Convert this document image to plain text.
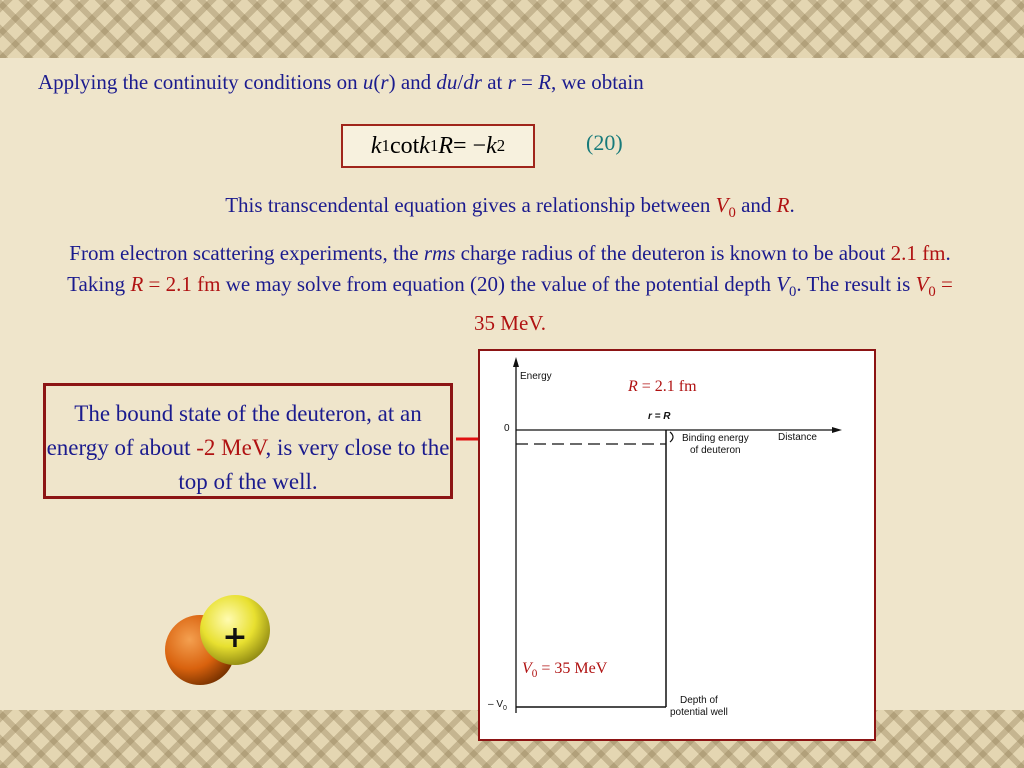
Applying the continuity conditions on u(r) and du/dr at r = R, we obtain
k 1 cot k 1 R = − k 2	(20)
This transcendental equation gives a relationship between $V_0$ and R.
From electron scattering experiments, the rms charge radius of the deuteron is known to be about 2.1 fm. Taking R = 2.1 fm we may solve from equation (20) the value of the potential depth $V_0$. The result is $V_0 = 35$ MeV.
The bound state of the deuteron, at an energy of about -2 MeV, is very close to the top of the well.
Energy
0
r = R
Distance
Binding energy
of deuteron
– $V_0$
Depth of
potential well
R = 2.1 fm
$V_0 = 35$ MeV
+
